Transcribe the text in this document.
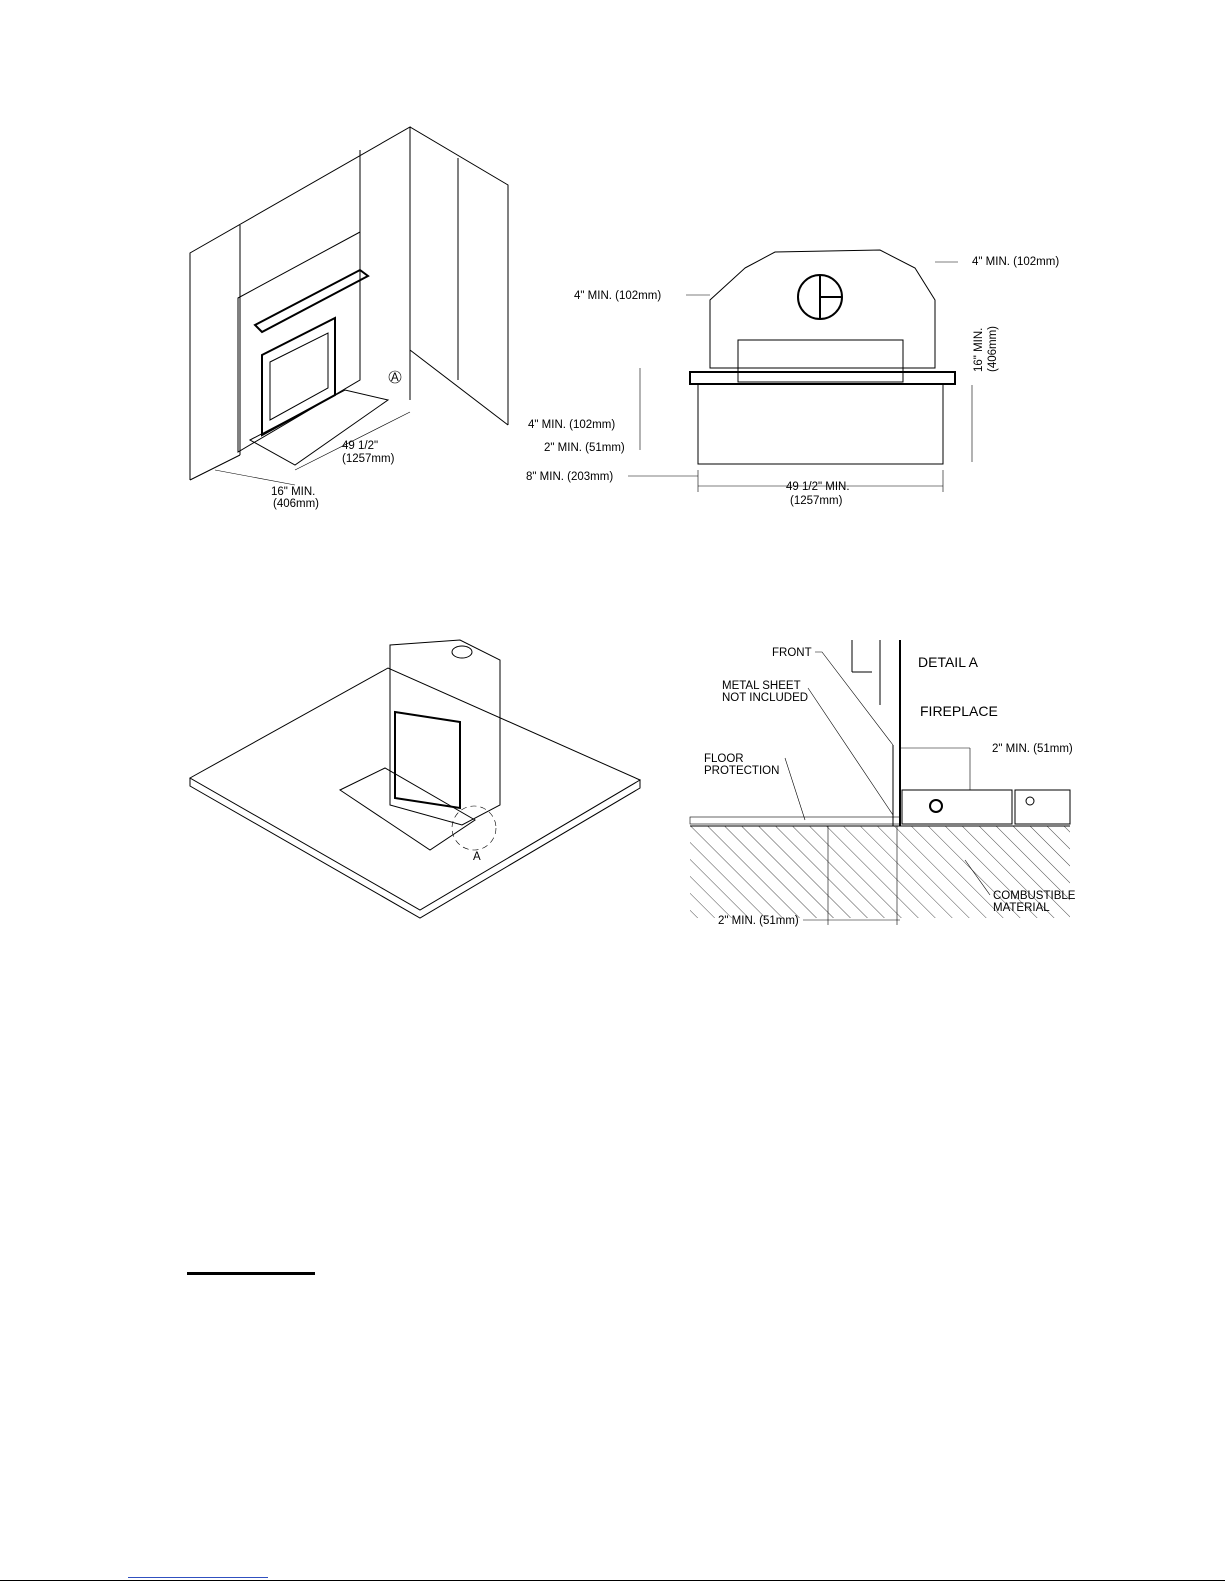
A
49 1/2"
(1257mm)
16" MIN.
(406mm)
4" MIN. (102mm)
4" MIN. (102mm)
16" MIN. (406mm)
4" MIN. (102mm)
2" MIN. (51mm)
8" MIN. (203mm)
49 1/2" MIN.
(1257mm)
A
DETAIL A
FIREPLACE
FRONT
METAL SHEET
NOT INCLUDED
FLOOR
PROTECTION
COMBUSTIBLE
MATERIAL
2" MIN. (51mm)
2" MIN. (51mm)
